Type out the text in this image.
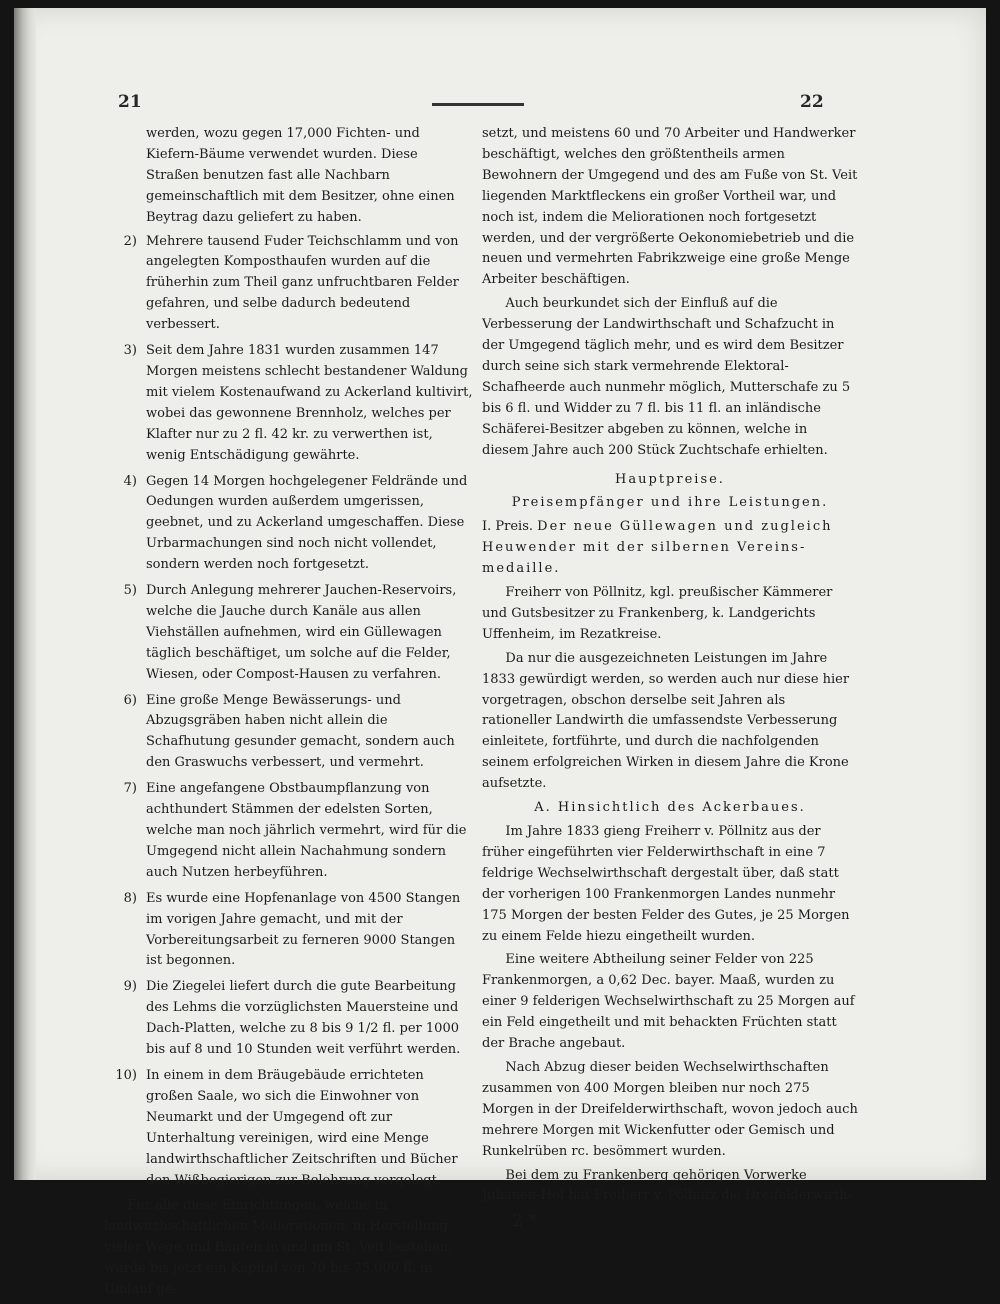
21	22

werden, wozu gegen 17,000 Fichten- und Kiefern-Bäume verwendet wurden. Diese Straßen benutzen fast alle Nachbarn gemeinschaftlich mit dem Besitzer, ohne einen Beytrag dazu geliefert zu haben.

2) Mehrere tausend Fuder Teichschlamm und von angelegten Komposthaufen wurden auf die früherhin zum Theil ganz unfruchtbaren Felder gefahren, und selbe dadurch bedeutend verbessert.
3) Seit dem Jahre 1831 wurden zusammen 147 Morgen meistens schlecht bestandener Waldung mit vielem Kostenaufwand zu Ackerland kultivirt, wobei das gewonnene Brennholz, welches per Klafter nur zu 2 fl. 42 kr. zu verwerthen ist, wenig Entschädigung gewährte.
4) Gegen 14 Morgen hochgelegener Feldrände und Oedungen wurden außerdem umgerissen, geebnet, und zu Ackerland umgeschaffen. Diese Urbarmachungen sind noch nicht vollendet, sondern werden noch fortgesetzt.
5) Durch Anlegung mehrerer Jauchen-Reservoirs, welche die Jauche durch Kanäle aus allen Viehställen aufnehmen, wird ein Güllewagen täglich beschäftiget, um solche auf die Felder, Wiesen, oder Compost-Hausen zu verfahren.
6) Eine große Menge Bewässerungs- und Abzugsgräben haben nicht allein die Schafhutung gesunder gemacht, sondern auch den Graswuchs verbessert, und vermehrt.
7) Eine angefangene Obstbaumpflanzung von achthundert Stämmen der edelsten Sorten, welche man noch jährlich vermehrt, wird für die Umgegend nicht allein Nachahmung sondern auch Nutzen herbeyführen.
8) Es wurde eine Hopfenanlage von 4500 Stangen im vorigen Jahre gemacht, und mit der Vorbereitungsarbeit zu ferneren 9000 Stangen ist begonnen.
9) Die Ziegelei liefert durch die gute Bearbeitung des Lehms die vorzüglichsten Mauersteine und Dach-Platten, welche zu 8 bis 9 1/2 fl. per 1000 bis auf 8 und 10 Stunden weit verführt werden.
10) In einem in dem Bräugebäude errichteten großen Saale, wo sich die Einwohner von Neumarkt und der Umgegend oft zur Unterhaltung vereinigen, wird eine Menge landwirthschaftlicher Zeitschriften und Bücher den Wißbegierigen zur Belehrung vorgelegt.

Für alle diese Einrichtungen, welche in landwirthschaftlichen Meliorationen, in Herstellung vieler Wege und Bauten in und um St. Veit bestehen, wurde bis jetzt ein Kapital von 70 bis 75,000 fl. in Umlauf ge-

setzt, und meistens 60 und 70 Arbeiter und Handwerker beschäftigt, welches den größtentheils armen Bewohnern der Umgegend und des am Fuße von St. Veit liegenden Marktfleckens ein großer Vortheil war, und noch ist, indem die Meliorationen noch fortgesetzt werden, und der vergrößerte Oekonomiebetrieb und die neuen und vermehrten Fabrikzweige eine große Menge Arbeiter beschäftigen.

Auch beurkundet sich der Einfluß auf die Verbesserung der Landwirthschaft und Schafzucht in der Umgegend täglich mehr, und es wird dem Besitzer durch seine sich stark vermehrende Elektoral-Schafheerde auch nunmehr möglich, Mutterschafe zu 5 bis 6 fl. und Widder zu 7 fl. bis 11 fl. an inländische Schäferei-Besitzer abgeben zu können, welche in diesem Jahre auch 200 Stück Zuchtschafe erhielten.

Hauptpreise.

Preisempfänger und ihre Leistungen.

I. Preis. Der neue Güllewagen und zugleich Heuwender mit der silbernen Vereins-medaille.

Freiherr von Pöllnitz, kgl. preußischer Kämmerer und Gutsbesitzer zu Frankenberg, k. Landgerichts Uffenheim, im Rezatkreise.

Da nur die ausgezeichneten Leistungen im Jahre 1833 gewürdigt werden, so werden auch nur diese hier vorgetragen, obschon derselbe seit Jahren als rationeller Landwirth die umfassendste Verbesserung einleitete, fortführte, und durch die nachfolgenden seinem erfolgreichen Wirken in diesem Jahre die Krone aufsetzte.

A. Hinsichtlich des Ackerbaues.

Im Jahre 1833 gieng Freiherr v. Pöllnitz aus der früher eingeführten vier Felderwirthschaft in eine 7 feldrige Wechselwirthschaft dergestalt über, daß statt der vorherigen 100 Frankenmorgen Landes nunmehr 175 Morgen der besten Felder des Gutes, je 25 Morgen zu einem Felde hiezu eingetheilt wurden.

Eine weitere Abtheilung seiner Felder von 225 Frankenmorgen, a 0,62 Dec. bayer. Maaß, wurden zu einer 9 felderigen Wechselwirthschaft zu 25 Morgen auf ein Feld eingetheilt und mit behackten Früchten statt der Brache angebaut.

Nach Abzug dieser beiden Wechselwirthschaften zusammen von 400 Morgen bleiben nur noch 275 Morgen in der Dreifelderwirthschaft, wovon jedoch auch mehrere Morgen mit Wickenfutter oder Gemisch und Runkelrüben rc. besömmert wurden.

Bei dem zu Frankenberg gehörigen Vorwerke Julianen-Hof hat Freiherr v. Pöllnitz die Dreifelderwirth-

2 *
